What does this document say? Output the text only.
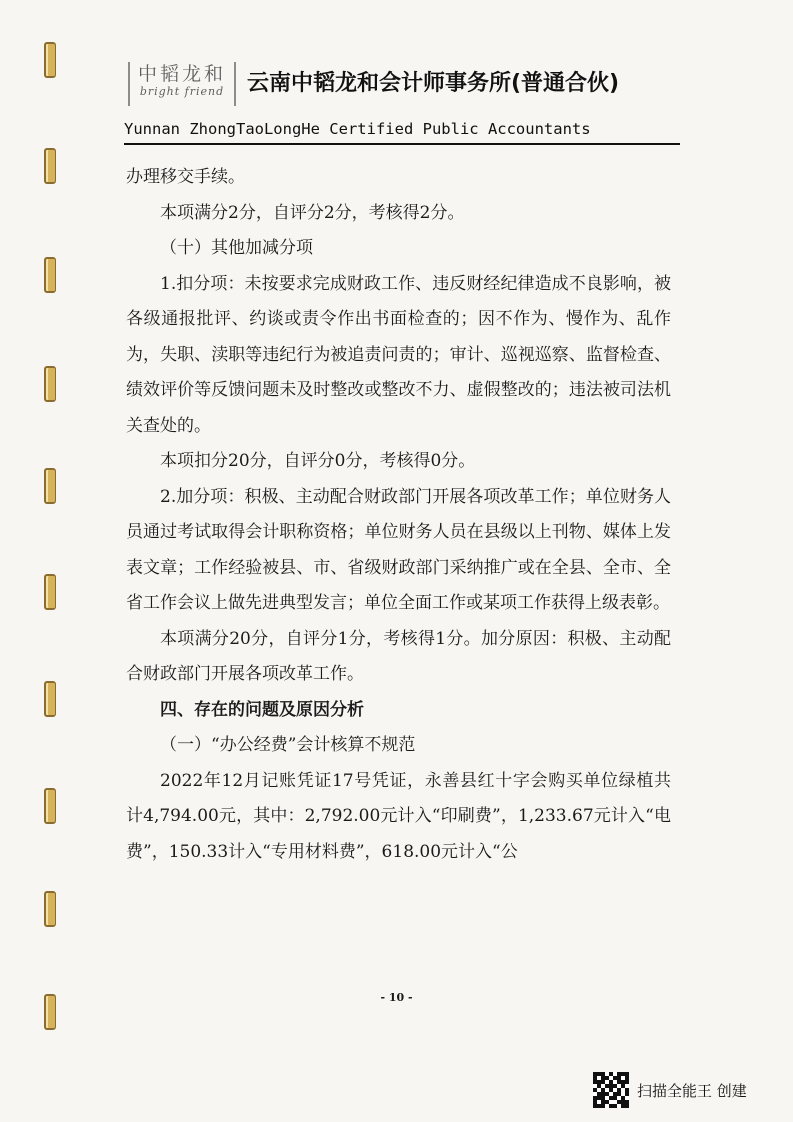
中韬龙和
bright friend	云南中韬龙和会计师事务所(普通合伙)
Yunnan ZhongTaoLongHe Certified Public Accountants

办理移交手续。

本项满分2分，自评分2分，考核得2分。

（十）其他加减分项

1.扣分项：未按要求完成财政工作、违反财经纪律造成不良影响，被各级通报批评、约谈或责令作出书面检查的；因不作为、慢作为、乱作为，失职、渎职等违纪行为被追责问责的；审计、巡视巡察、监督检查、绩效评价等反馈问题未及时整改或整改不力、虚假整改的；违法被司法机关查处的。

本项扣分20分，自评分0分，考核得0分。

2.加分项：积极、主动配合财政部门开展各项改革工作；单位财务人员通过考试取得会计职称资格；单位财务人员在县级以上刊物、媒体上发表文章；工作经验被县、市、省级财政部门采纳推广或在全县、全市、全省工作会议上做先进典型发言；单位全面工作或某项工作获得上级表彰。

本项满分20分，自评分1分，考核得1分。加分原因：积极、主动配合财政部门开展各项改革工作。

四、存在的问题及原因分析

（一）“办公经费”会计核算不规范

2022年12月记账凭证17号凭证，永善县红十字会购买单位绿植共计4,794.00元，其中：2,792.00元计入“印刷费”，1,233.67元计入“电费”，150.33计入“专用材料费”，618.00元计入“公

- 10 -
扫描全能王 创建
